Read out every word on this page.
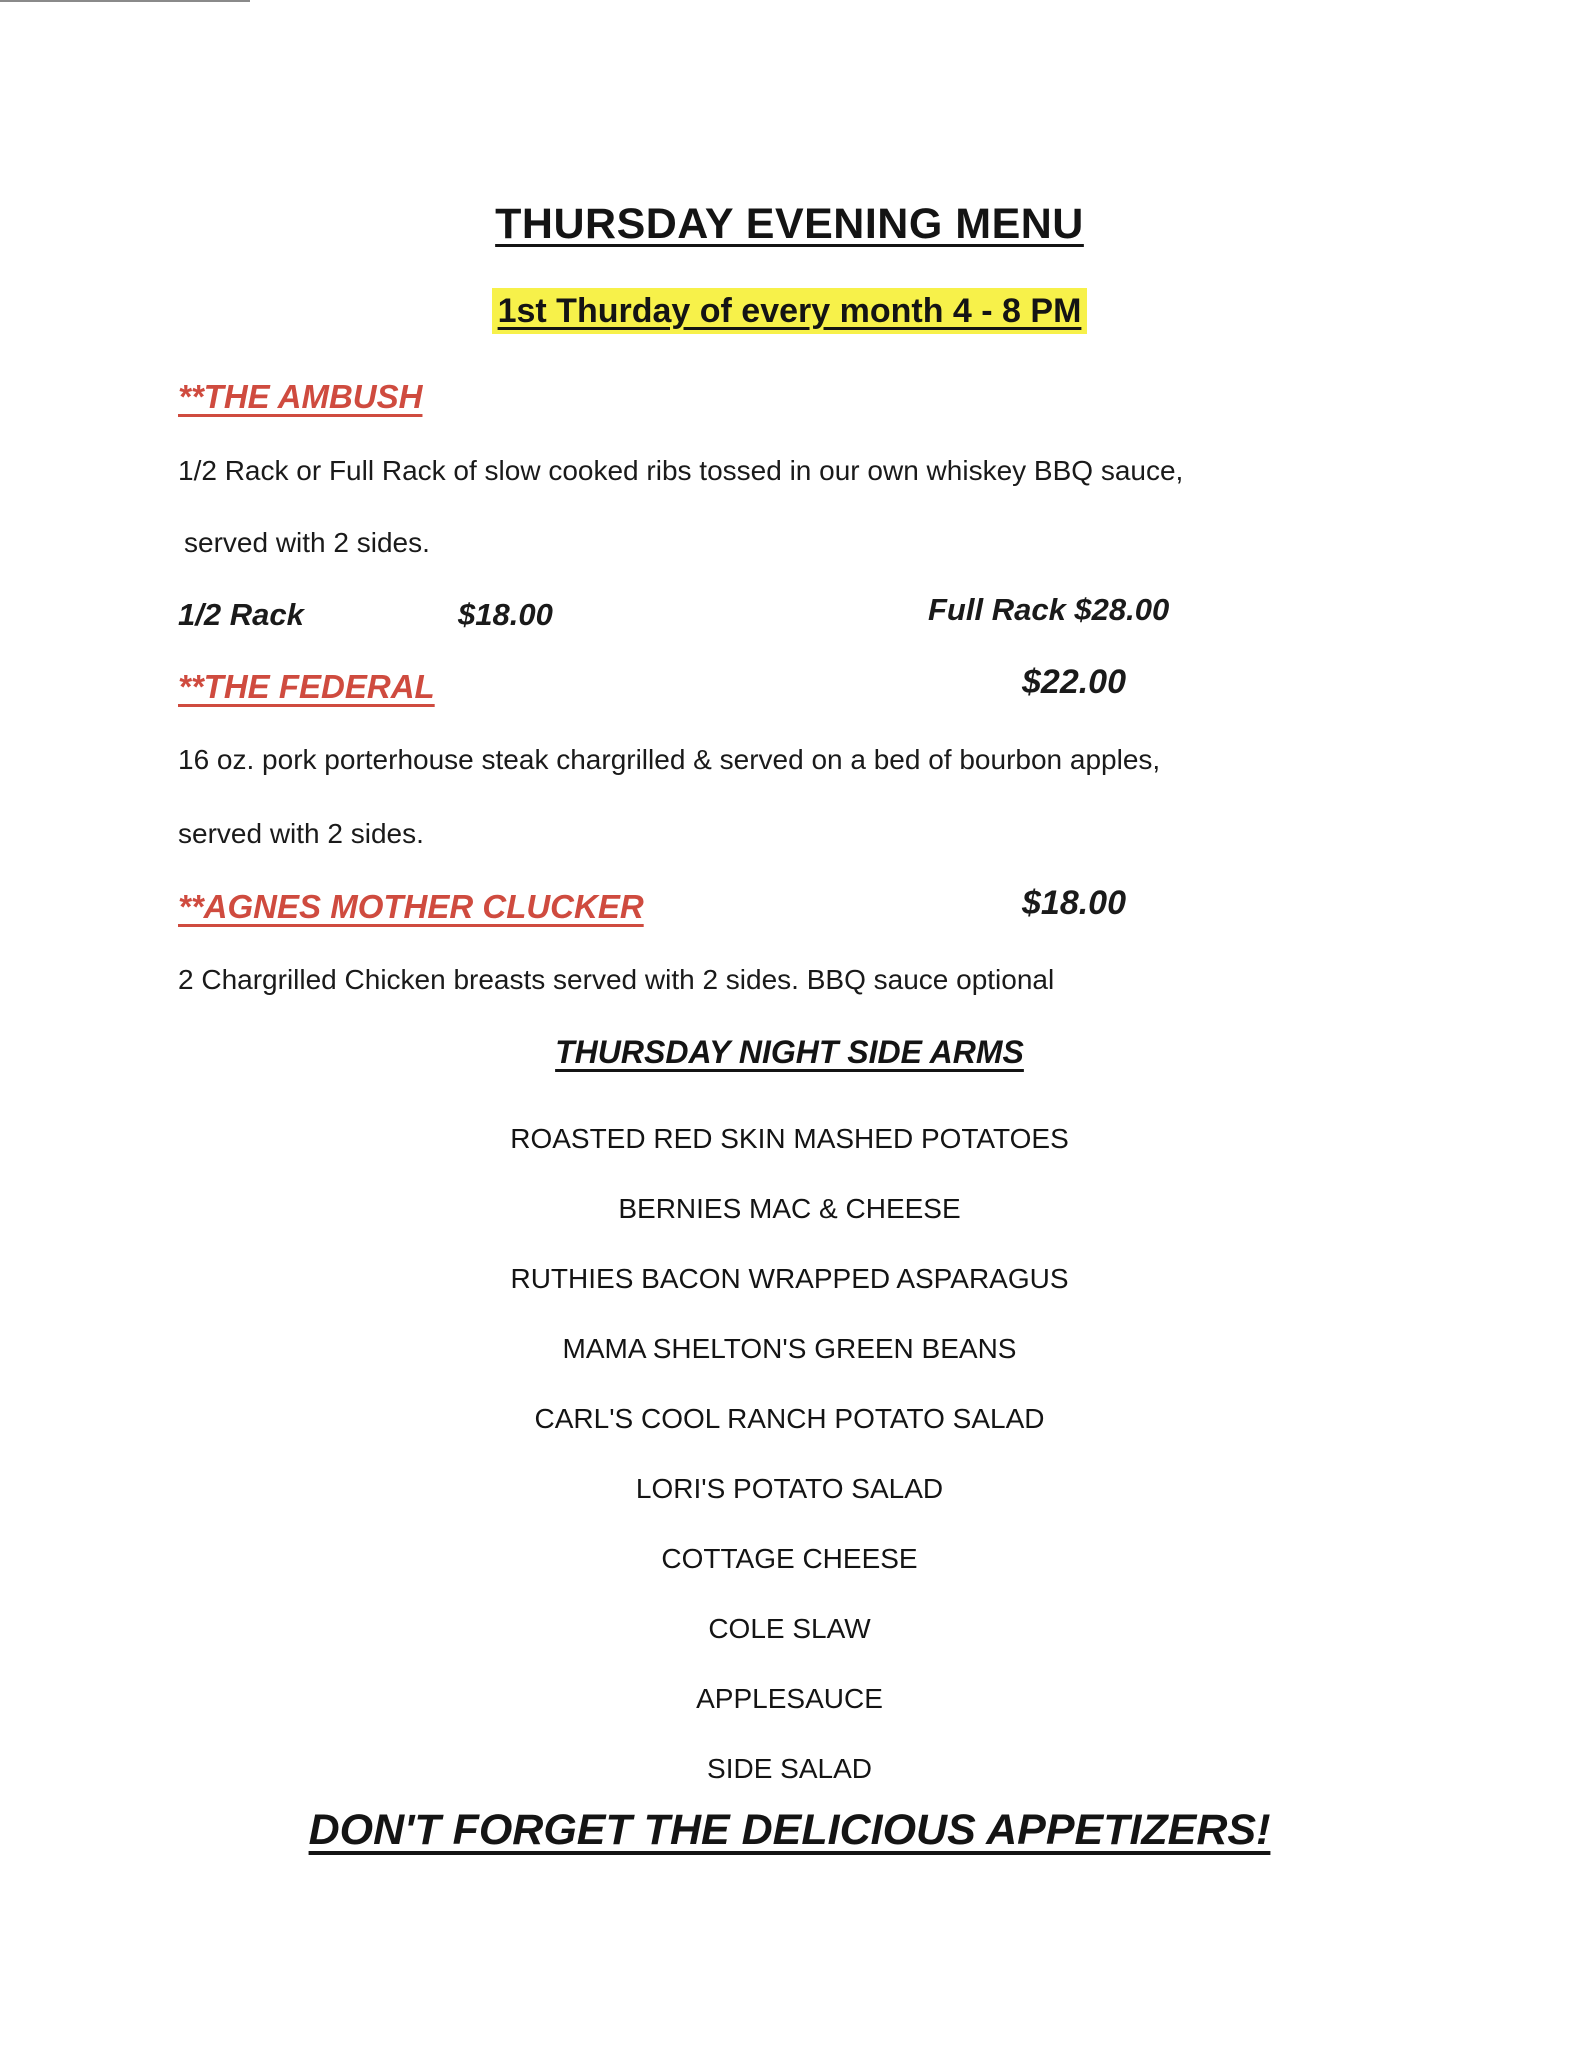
THURSDAY EVENING MENU
1st Thurday of every month 4 - 8 PM
**THE AMBUSH
1/2 Rack or Full Rack of slow cooked ribs tossed in our own whiskey BBQ sauce,
served with 2 sides.
1/2 Rack	$18.00	Full Rack $28.00
**THE FEDERAL	$22.00
16 oz. pork porterhouse steak chargrilled & served on a bed of bourbon apples,
served with 2 sides.
**AGNES MOTHER CLUCKER	$18.00
2 Chargrilled Chicken breasts served with 2 sides. BBQ sauce optional
THURSDAY NIGHT SIDE ARMS
ROASTED RED SKIN MASHED POTATOES
BERNIES MAC & CHEESE
RUTHIES BACON WRAPPED ASPARAGUS
MAMA SHELTON'S GREEN BEANS
CARL'S COOL RANCH POTATO SALAD
LORI'S POTATO SALAD
COTTAGE CHEESE
COLE SLAW
APPLESAUCE
SIDE SALAD
DON'T FORGET THE DELICIOUS APPETIZERS!
